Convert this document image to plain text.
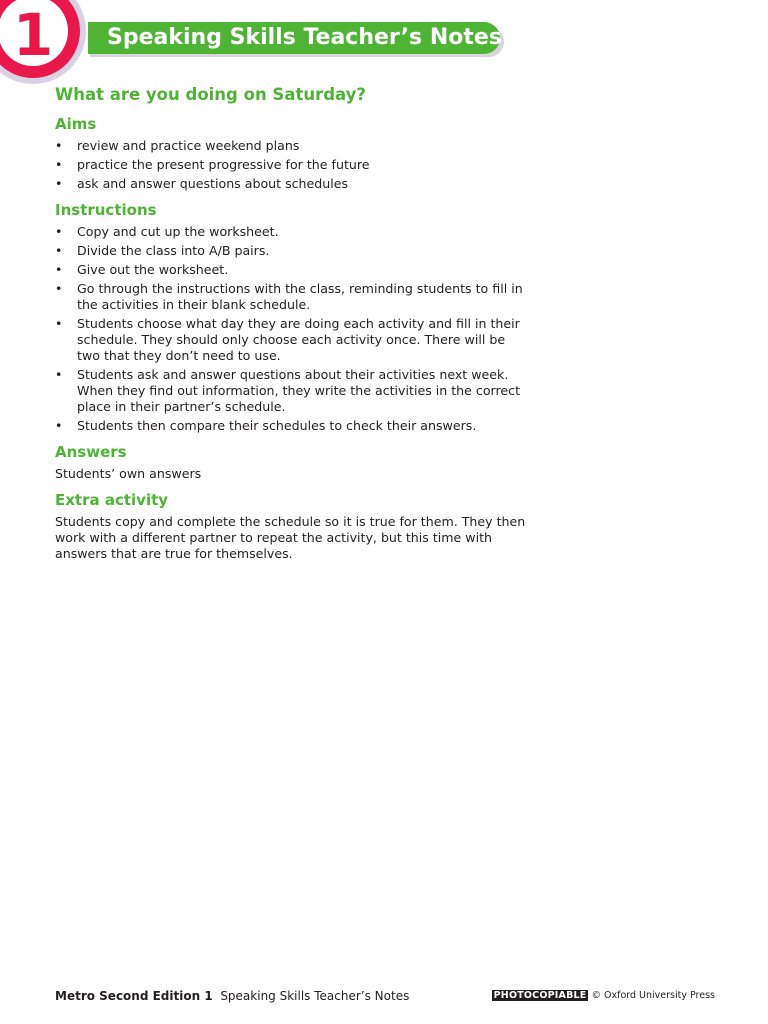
1	Speaking Skills Teacher’s Notes
What are you doing on Saturday?
Aims
• review and practice weekend plans
• practice the present progressive for the future
• ask and answer questions about schedules
Instructions
• Copy and cut up the worksheet.
• Divide the class into A/B pairs.
• Give out the worksheet.
• Go through the instructions with the class, reminding students to fill in the activities in their blank schedule.
• Students choose what day they are doing each activity and fill in their schedule. They should only choose each activity once. There will be two that they don’t need to use.
• Students ask and answer questions about their activities next week. When they find out information, they write the activities in the correct place in their partner’s schedule.
• Students then compare their schedules to check their answers.
Answers

Students’ own answers

Extra activity

Students copy and complete the schedule so it is true for them. They then work with a different partner to repeat the activity, but this time with answers that are true for themselves.

Metro Second Edition 1 Speaking Skills Teacher’s Notes	PHOTOCOPIABLE © Oxford University Press
